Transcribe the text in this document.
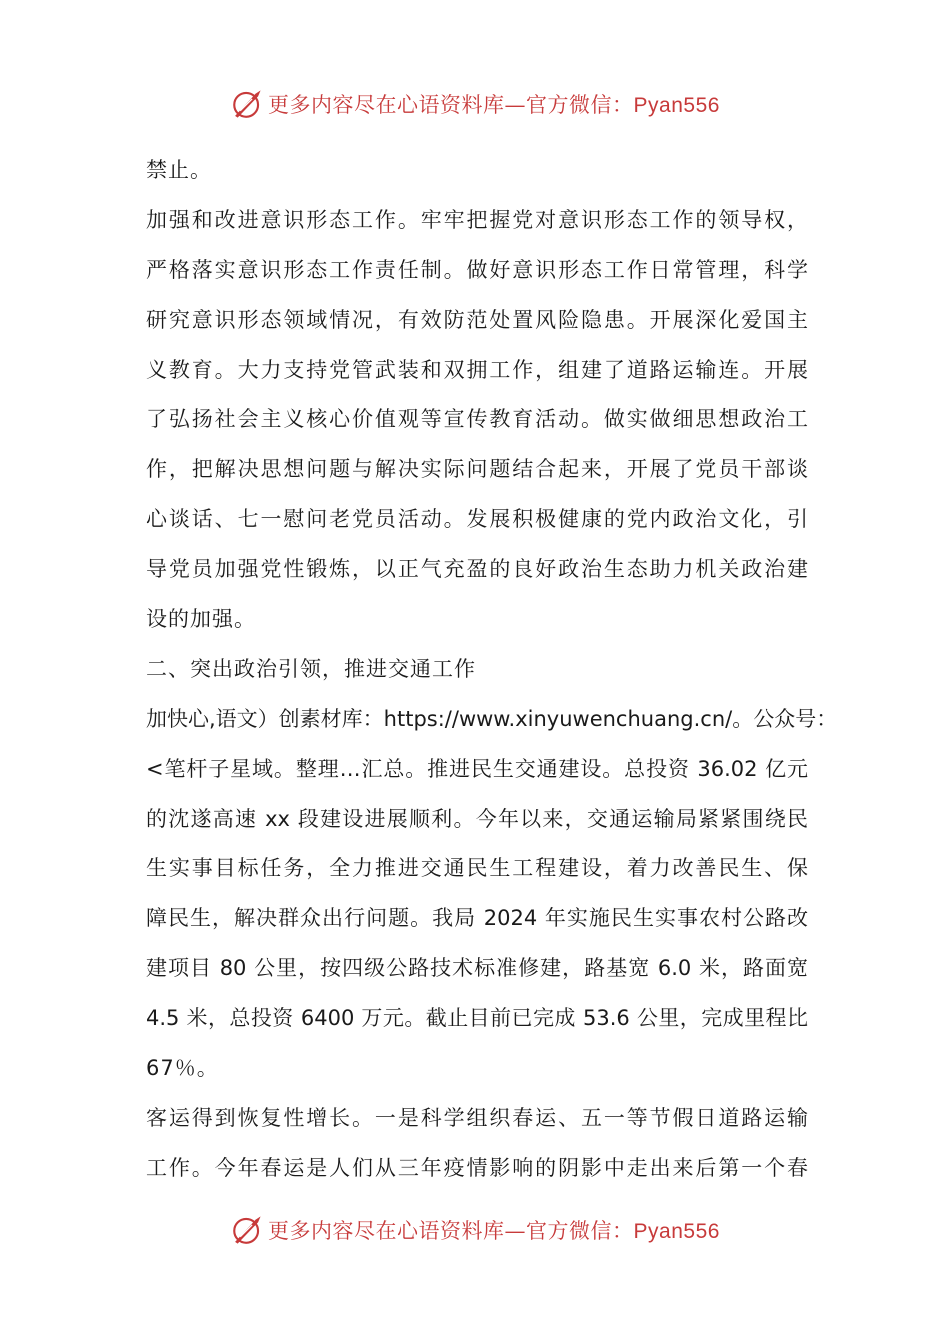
更多内容尽在心语资料库—官方微信：Pyan556
禁止。
加强和改进意识形态工作。牢牢把握党对意识形态工作的领导权，
严格落实意识形态工作责任制。做好意识形态工作日常管理，科学
研究意识形态领域情况，有效防范处置风险隐患。开展深化爱国主
义教育。大力支持党管武装和双拥工作，组建了道路运输连。开展
了弘扬社会主义核心价值观等宣传教育活动。做实做细思想政治工
作，把解决思想问题与解决实际问题结合起来，开展了党员干部谈
心谈话、七一慰问老党员活动。发展积极健康的党内政治文化，引
导党员加强党性锻炼，以正气充盈的良好政治生态助力机关政治建
设的加强。
二、突出政治引领，推进交通工作
加快心,语文）创素材库：https://www.xinyuwenchuang.cn/。公众号：
<笔杆子星域。整理…汇总。推进民生交通建设。总投资 36.02 亿元
的沈遂高速 xx 段建设进展顺利。今年以来，交通运输局紧紧围绕民
生实事目标任务，全力推进交通民生工程建设，着力改善民生、保
障民生，解决群众出行问题。我局 2024 年实施民生实事农村公路改
建项目 80 公里，按四级公路技术标准修建，路基宽 6.0 米，路面宽
4.5 米，总投资 6400 万元。截止目前已完成 53.6 公里，完成里程比
67％。
客运得到恢复性增长。一是科学组织春运、五一等节假日道路运输
工作。今年春运是人们从三年疫情影响的阴影中走出来后第一个春
更多内容尽在心语资料库—官方微信：Pyan556
